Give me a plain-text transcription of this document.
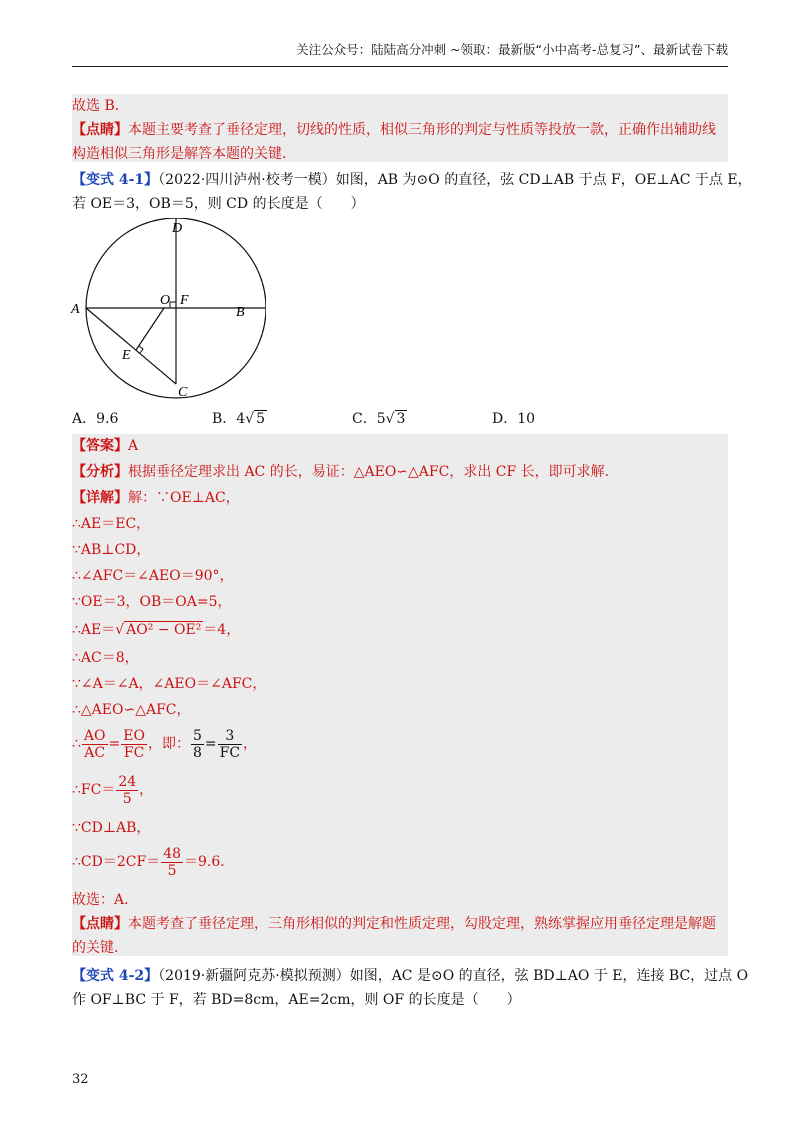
关注公众号：陆陆高分冲刺 ~领取：最新版“小中高考-总复习”、最新试卷下载
故选 B．
【点睛】本题主要考查了垂径定理，切线的性质，相似三角形的判定与性质等投放一款，正确作出辅助线
构造相似三角形是解答本题的关键．
【变式 4-1】（2022·四川泸州·校考一模）如图，AB 为⊙O 的直径，弦 CD⊥AB 于点 F，OE⊥AC 于点 E，
若 OE＝3，OB＝5，则 CD 的长度是（　　）
D
A	B
C
O F
E
A．9.6	B．4√ 5	C．5√ 3	D．10
【答案】A
【分析】根据垂径定理求出 AC 的长，易证：△AEO∽△AFC，求出 CF 长，即可求解．
【详解】解：∵OE⊥AC，
∴AE＝EC，
∵AB⊥CD，
∴∠AFC＝∠AEO＝90°，
∵OE＝3，OB＝OA=5，
∴AE＝√ AO² − OE² ＝4，
∴AC＝8，
∵∠A＝∠A，∠AEO＝∠AFC，
∴△AEO∽△AFC，
∴ $\frac{AO}{AC} = \frac{EO}{FC}$ ，即： $\frac{5}{8} = \frac{3}{FC}$ ，
∴FC＝ $\frac{24}{5}$ ，
∵CD⊥AB，
∴CD＝2CF＝ $\frac{48}{5} =9.6$．
故选：A．
【点睛】本题考查了垂径定理，三角形相似的判定和性质定理，勾股定理，熟练掌握应用垂径定理是解题
的关键．
【变式 4-2】（2019·新疆阿克苏·模拟预测）如图，AC 是⊙O 的直径，弦 BD⊥AO 于 E，连接 BC，过点 O
作 OF⊥BC 于 F，若 BD=8cm，AE=2cm，则 OF 的长度是（　　）
32
